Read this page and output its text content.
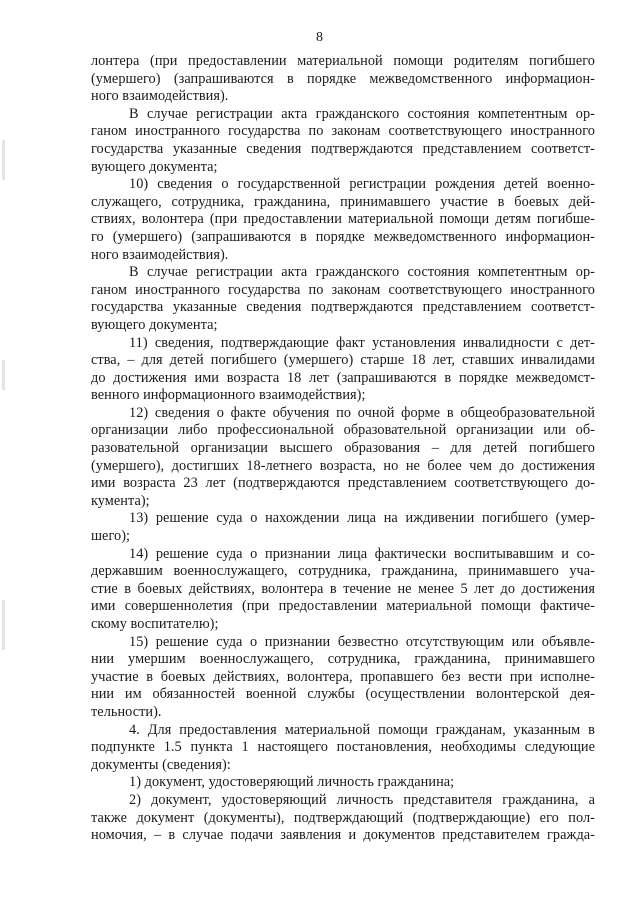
8
лонтера (при предоставлении материальной помощи родителям погибшего
(умершего) (запрашиваются в порядке межведомственного информацион-
ного взаимодействия).
В случае регистрации акта гражданского состояния компетентным ор-
ганом иностранного государства по законам соответствующего иностранного
государства указанные сведения подтверждаются представлением соответст-
вующего документа;
10) сведения о государственной регистрации рождения детей военно-
служащего, сотрудника, гражданина, принимавшего участие в боевых дей-
ствиях, волонтера (при предоставлении материальной помощи детям погибше-
го (умершего) (запрашиваются в порядке межведомственного информацион-
ного взаимодействия).
В случае регистрации акта гражданского состояния компетентным ор-
ганом иностранного государства по законам соответствующего иностранного
государства указанные сведения подтверждаются представлением соответст-
вующего документа;
11) сведения, подтверждающие факт установления инвалидности с дет-
ства, – для детей погибшего (умершего) старше 18 лет, ставших инвалидами
до достижения ими возраста 18 лет (запрашиваются в порядке межведомст-
венного информационного взаимодействия);
12) сведения о факте обучения по очной форме в общеобразовательной
организации либо профессиональной образовательной организации или об-
разовательной организации высшего образования – для детей погибшего
(умершего), достигших 18-летнего возраста, но не более чем до достижения
ими возраста 23 лет (подтверждаются представлением соответствующего до-
кумента);
13) решение суда о нахождении лица на иждивении погибшего (умер-
шего);
14) решение суда о признании лица фактически воспитывавшим и со-
державшим военнослужащего, сотрудника, гражданина, принимавшего уча-
стие в боевых действиях, волонтера в течение не менее 5 лет до достижения
ими совершеннолетия (при предоставлении материальной помощи фактиче-
скому воспитателю);
15) решение суда о признании безвестно отсутствующим или объявле-
нии умершим военнослужащего, сотрудника, гражданина, принимавшего
участие в боевых действиях, волонтера, пропавшего без вести при исполне-
нии им обязанностей военной службы (осуществлении волонтерской дея-
тельности).
4. Для предоставления материальной помощи гражданам, указанным в
подпункте 1.5 пункта 1 настоящего постановления, необходимы следующие
документы (сведения):
1) документ, удостоверяющий личность гражданина;
2) документ, удостоверяющий личность представителя гражданина, а
также документ (документы), подтверждающий (подтверждающие) его пол-
номочия, – в случае подачи заявления и документов представителем гражда-
